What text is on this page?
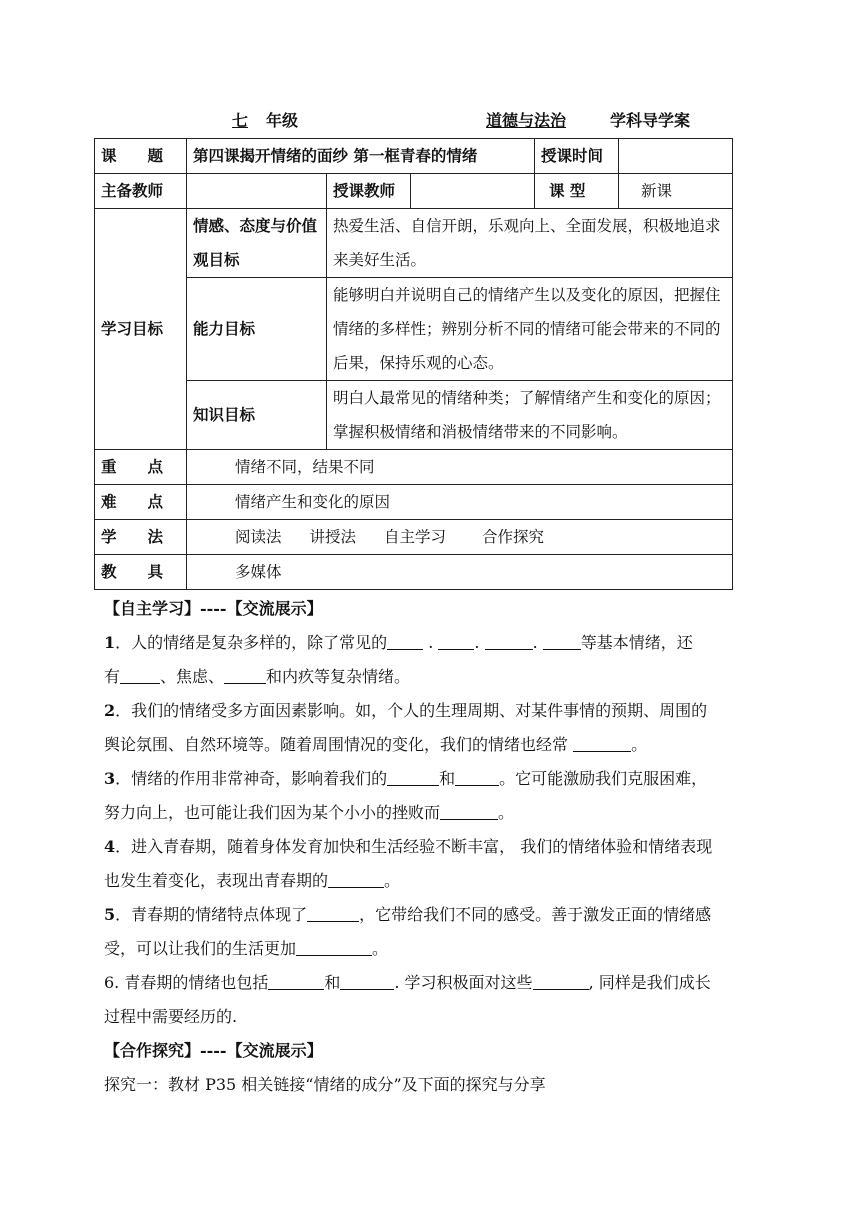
七 年级	道德与法治	学科导学案
课　　题	第四课揭开情绪的面纱 第一框青春的情绪			授课时间	
主备教师		授课教师		课 型	新课
学习目标	情感、态度与价值观目标	热爱生活、自信开朗，乐观向上、全面发展，积极地追求来美好生活。			
	能力目标	能够明白并说明自己的情绪产生以及变化的原因，把握住情绪的多样性；辨别分析不同的情绪可能会带来的不同的后果，保持乐观的心态。			
	知识目标	明白人最常见的情绪种类；了解情绪产生和变化的原因；掌握积极情绪和消极情绪带来的不同影响。			
重　　点	情绪不同，结果不同				
难　　点	情绪产生和变化的原因				
学　　法	阅读法 讲授法 自主学习 合作探究				
教　　具	多媒体				

【自主学习】----【交流展示】

1．人的情绪是复杂多样的，除了常见的 . .	. 等基本情绪，还

有	、焦虑、	和内疚等复杂情绪。

2．我们的情绪受多方面因素影响。如，个人的生理周期、对某件事情的预期、周围的

舆论氛围、自然环境等。随着周围情况的变化，我们的情绪也经常	。

3．情绪的作用非常神奇，影响着我们的	和	。它可能激励我们克服困难，

努力向上，也可能让我们因为某个小小的挫败而	。

4．进入青春期，随着身体发育加快和生活经验不断丰富， 我们的情绪体验和情绪表现

也发生着变化，表现出青春期的	。

5．青春期的情绪特点体现了	，它带给我们不同的感受。善于激发正面的情绪感

受，可以让我们的生活更加	。

6. 青春期的情绪也包括	和	. 学习积极面对这些	, 同样是我们成长

过程中需要经历的.

【合作探究】----【交流展示】

探究一：教材 P35 相关链接“情绪的成分”及下面的探究与分享
